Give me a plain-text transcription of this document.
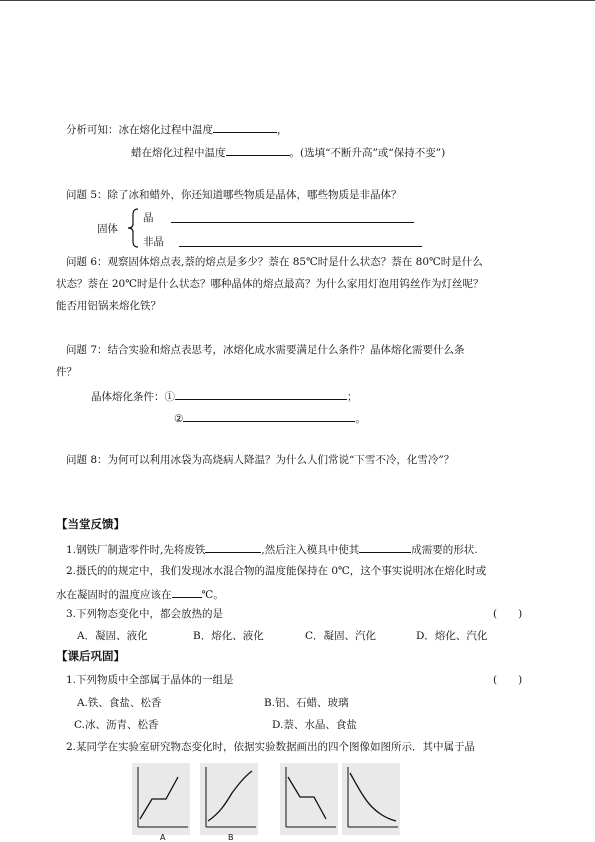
分析可知：冰在熔化过程中温度	，
蜡在熔化过程中温度	。(选填“不断升高”或“保持不变”)
问题 5：除了冰和蜡外，你还知道哪些物质是晶体，哪些物质是非晶体？
固体
晶
非晶
问题 6：观察固体熔点表,萘的熔点是多少？萘在 85℃时是什么状态？萘在 80℃时是什么
状态？萘在 20℃时是什么状态？哪种晶体的熔点最高？为什么家用灯泡用钨丝作为灯丝呢？
能否用铝锅来熔化铁？
问题 7：结合实验和熔点表思考，冰熔化成水需要满足什么条件？晶体熔化需要什么条
件？
晶体熔化条件：①	；
②	。
问题 8：为何可以利用冰袋为高烧病人降温？为什么人们常说“下雪不冷，化雪冷”？
【当堂反馈】
1.钢铁厂制造零件时,先将废铁	,然后注入模具中使其	成需要的形状.
2.摄氏的的规定中，我们发现冰水混合物的温度能保持在 0℃，这个事实说明冰在熔化时或
水在凝固时的温度应该在	℃。
3.下列物态变化中，都会放热的是	(　　)
A．凝固、液化	B．熔化、液化	C．凝固、汽化	D．熔化、汽化
【课后巩固】
1.下列物质中全部属于晶体的一组是	(　　)
A.铁、食盐、松香	B.铝、石蜡、玻璃
C.冰、沥青、松香	D.萘、水晶、食盐
2.某同学在实验室研究物态变化时，依据实验数据画出的四个图像如图所示．其中属于晶
A	B
